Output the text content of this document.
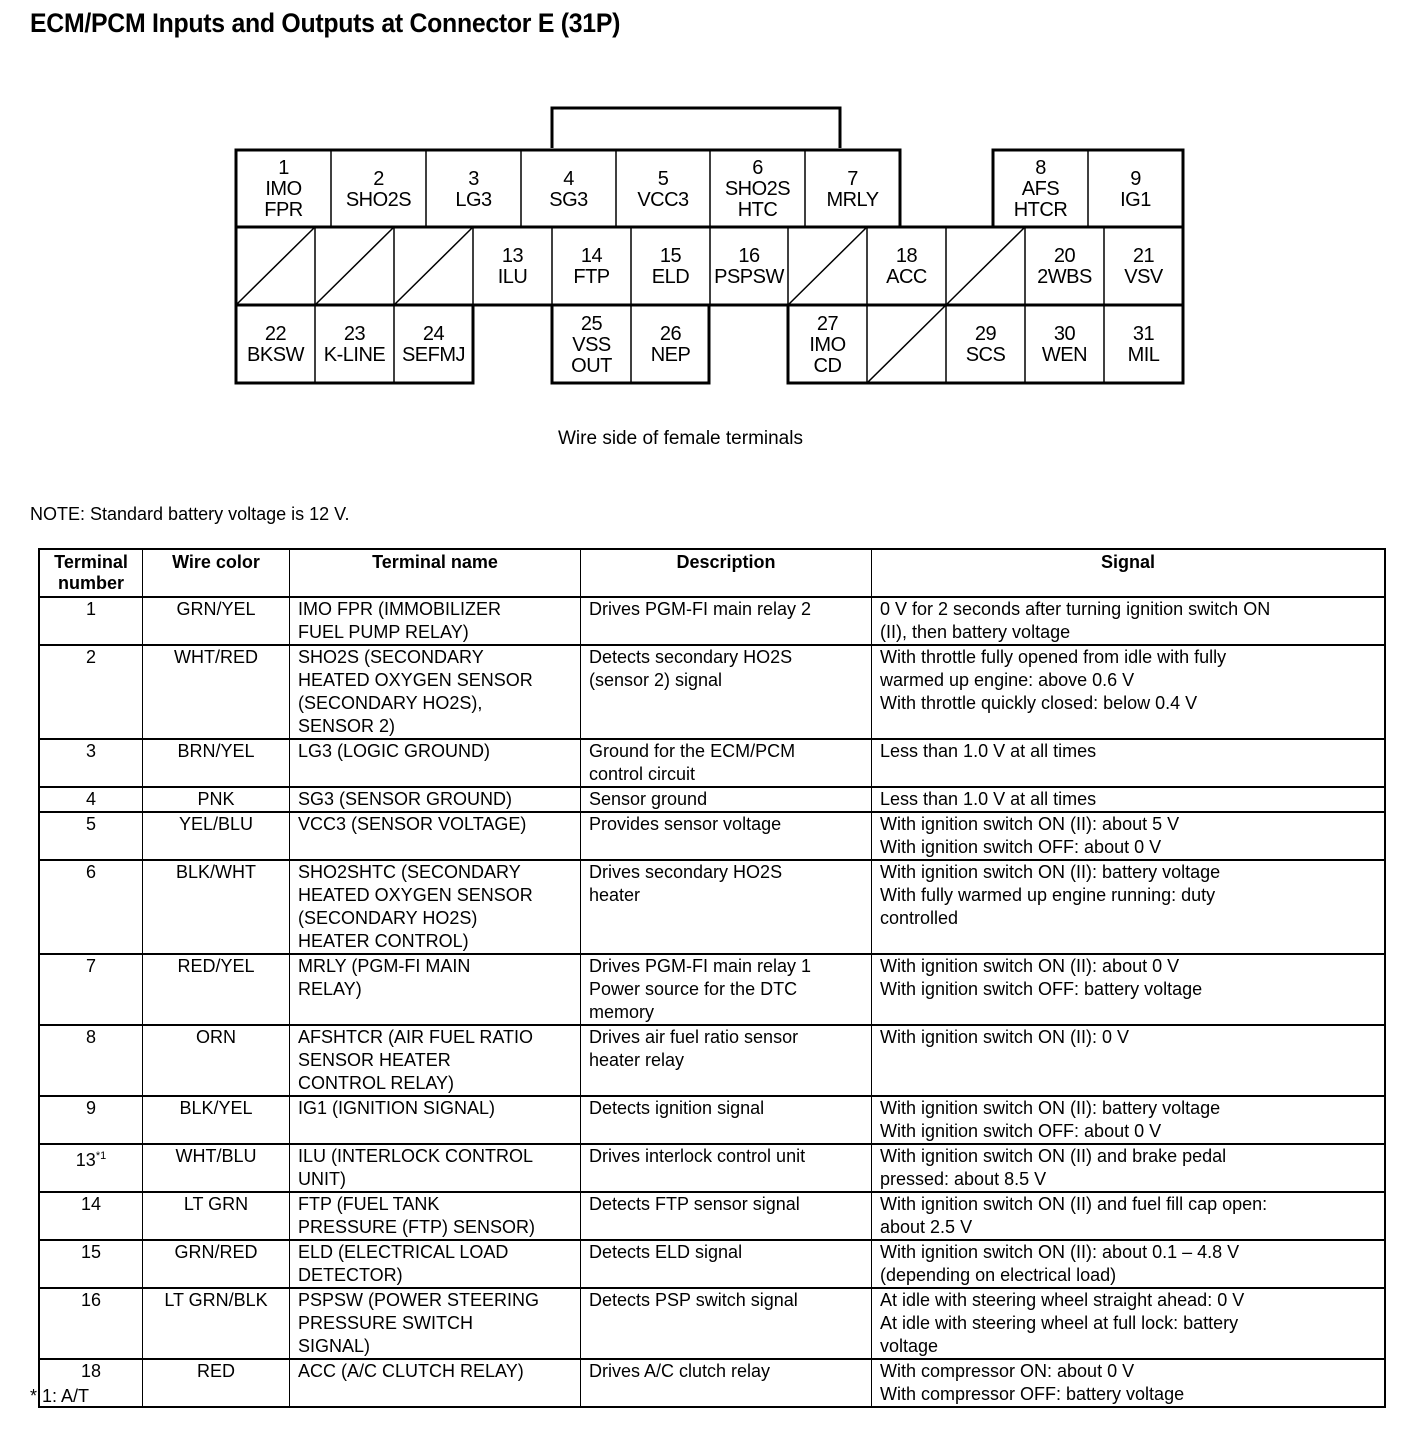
ECM/PCM Inputs and Outputs at Connector E (31P)
1
IMO
FPR
2
SHO2S
3
LG3
4
SG3
5
VCC3
6
SHO2S
HTC
7
MRLY
8
AFS
HTCR
9
IG1
13
ILU
14
FTP
15
ELD
16
PSPSW
18
ACC
20
2WBS
21
VSV
22
BKSW
23
K-LINE
24
SEFMJ
25
VSS
OUT
26
NEP
27
IMO
CD
29
SCS
30
WEN
31
MIL
Wire side of female terminals
NOTE: Standard battery voltage is 12 V.
Terminal
number	Wire color	Terminal name	Description	Signal
1	GRN/YEL	IMO FPR (IMMOBILIZER
FUEL PUMP RELAY)	Drives PGM-FI main relay 2	0 V for 2 seconds after turning ignition switch ON
(II), then battery voltage

2	WHT/RED	SHO2S (SECONDARY
HEATED OXYGEN SENSOR
(SECONDARY HO2S),
SENSOR 2)	Detects secondary HO2S
(sensor 2) signal	With throttle fully opened from idle with fully
warmed up engine: above 0.6 V
With throttle quickly closed: below 0.4 V

3	BRN/YEL	LG3 (LOGIC GROUND)	Ground for the ECM/PCM
control circuit	Less than 1.0 V at all times

4	PNK	SG3 (SENSOR GROUND)	Sensor ground	Less than 1.0 V at all times

5	YEL/BLU	VCC3 (SENSOR VOLTAGE)	Provides sensor voltage	With ignition switch ON (II): about 5 V
With ignition switch OFF: about 0 V

6	BLK/WHT	SHO2SHTC (SECONDARY
HEATED OXYGEN SENSOR
(SECONDARY HO2S)
HEATER CONTROL)	Drives secondary HO2S
heater	With ignition switch ON (II): battery voltage
With fully warmed up engine running: duty
controlled

7	RED/YEL	MRLY (PGM-FI MAIN
RELAY)	Drives PGM-FI main relay 1
Power source for the DTC
memory	With ignition switch ON (II): about 0 V
With ignition switch OFF: battery voltage

8	ORN	AFSHTCR (AIR FUEL RATIO
SENSOR HEATER
CONTROL RELAY)	Drives air fuel ratio sensor
heater relay	With ignition switch ON (II): 0 V

9	BLK/YEL	IG1 (IGNITION SIGNAL)	Detects ignition signal	With ignition switch ON (II): battery voltage
With ignition switch OFF: about 0 V

13$^{*1}$	WHT/BLU	ILU (INTERLOCK CONTROL
UNIT)	Drives interlock control unit	With ignition switch ON (II) and brake pedal
pressed: about 8.5 V

14	LT GRN	FTP (FUEL TANK
PRESSURE (FTP) SENSOR)	Detects FTP sensor signal	With ignition switch ON (II) and fuel fill cap open:
about 2.5 V

15	GRN/RED	ELD (ELECTRICAL LOAD
DETECTOR)	Detects ELD signal	With ignition switch ON (II): about 0.1 – 4.8 V
(depending on electrical load)

16	LT GRN/BLK	PSPSW (POWER STEERING
PRESSURE SWITCH
SIGNAL)	Detects PSP switch signal	At idle with steering wheel straight ahead: 0 V
At idle with steering wheel at full lock: battery
voltage

18	RED	ACC (A/C CLUTCH RELAY)	Drives A/C clutch relay	With compressor ON: about 0 V
With compressor OFF: battery voltage
* 1: A/T
